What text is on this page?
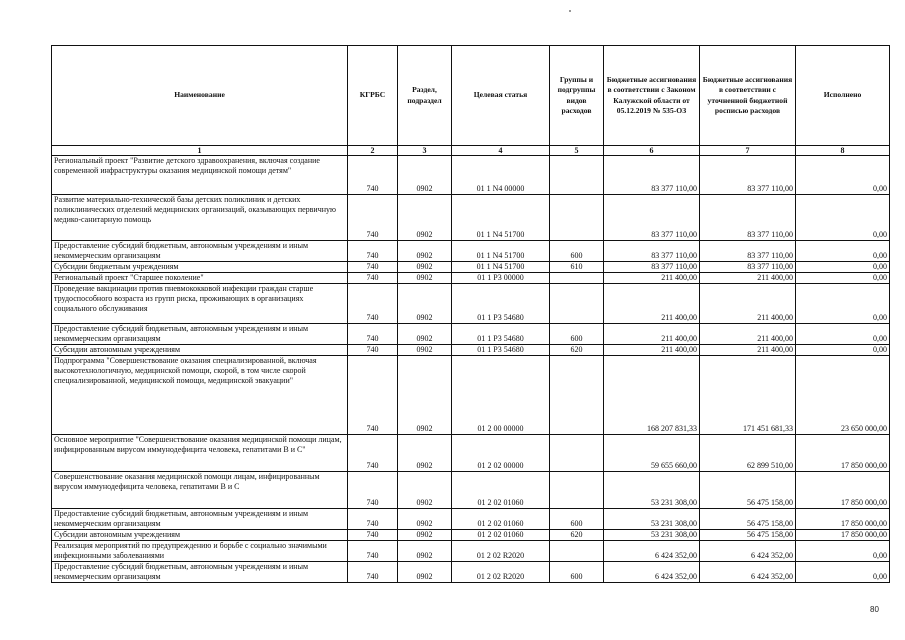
Наименование	КГРБС	Раздел, подраздел	Целевая статья	Группы и подгруппы видов расходов	Бюджетные ассигнования в соответствии с Законом Калужской области от 05.12.2019 № 535-ОЗ	Бюджетные ассигнования в соответствии с уточненной бюджетной росписью расходов	Исполнено
1	2	3	4	5	6	7	8
Региональный проект "Развитие детского здравоохранения, включая создание современной инфраструктуры оказания медицинской помощи детям"	740	0902	01 1 N4 00000		83 377 110,00	83 377 110,00	0,00
Развитие материально-технической базы детских поликлиник и детских поликлинических отделений медицинских организаций, оказывающих первичную медико-санитарную помощь	740	0902	01 1 N4 51700		83 377 110,00	83 377 110,00	0,00
Предоставление субсидий бюджетным, автономным учреждениям и иным некоммерческим организациям	740	0902	01 1 N4 51700	600	83 377 110,00	83 377 110,00	0,00
Субсидии бюджетным учреждениям	740	0902	01 1 N4 51700	610	83 377 110,00	83 377 110,00	0,00
Региональный проект "Старшее поколение"	740	0902	01 1 P3 00000		211 400,00	211 400,00	0,00
Проведение вакцинации против пневмококковой инфекции граждан старше трудоспособного возраста из групп риска, проживающих в организациях социального обслуживания	740	0902	01 1 P3 54680		211 400,00	211 400,00	0,00
Предоставление субсидий бюджетным, автономным учреждениям и иным некоммерческим организациям	740	0902	01 1 P3 54680	600	211 400,00	211 400,00	0,00
Субсидии автономным учреждениям	740	0902	01 1 P3 54680	620	211 400,00	211 400,00	0,00
Подпрограмма "Совершенствование оказания специализированной, включая высокотехнологичную, медицинской помощи, скорой, в том числе скорой специализированной, медицинской помощи, медицинской эвакуации"	740	0902	01 2 00 00000		168 207 831,33	171 451 681,33	23 650 000,00
Основное мероприятие "Совершенствование оказания медицинской помощи лицам, инфицированным вирусом иммунодефицита человека, гепатитами B и C"	740	0902	01 2 02 00000		59 655 660,00	62 899 510,00	17 850 000,00
Совершенствование оказания медицинской помощи лицам, инфицированным вирусом иммунодефицита человека, гепатитами B и C	740	0902	01 2 02 01060		53 231 308,00	56 475 158,00	17 850 000,00
Предоставление субсидий бюджетным, автономным учреждениям и иным некоммерческим организациям	740	0902	01 2 02 01060	600	53 231 308,00	56 475 158,00	17 850 000,00
Субсидии автономным учреждениям	740	0902	01 2 02 01060	620	53 231 308,00	56 475 158,00	17 850 000,00
Реализация мероприятий по предупреждению и борьбе с социально значимыми инфекционными заболеваниями	740	0902	01 2 02 R2020		6 424 352,00	6 424 352,00	0,00
Предоставление субсидий бюджетным, автономным учреждениям и иным некоммерческим организациям	740	0902	01 2 02 R2020	600	6 424 352,00	6 424 352,00	0,00
80
